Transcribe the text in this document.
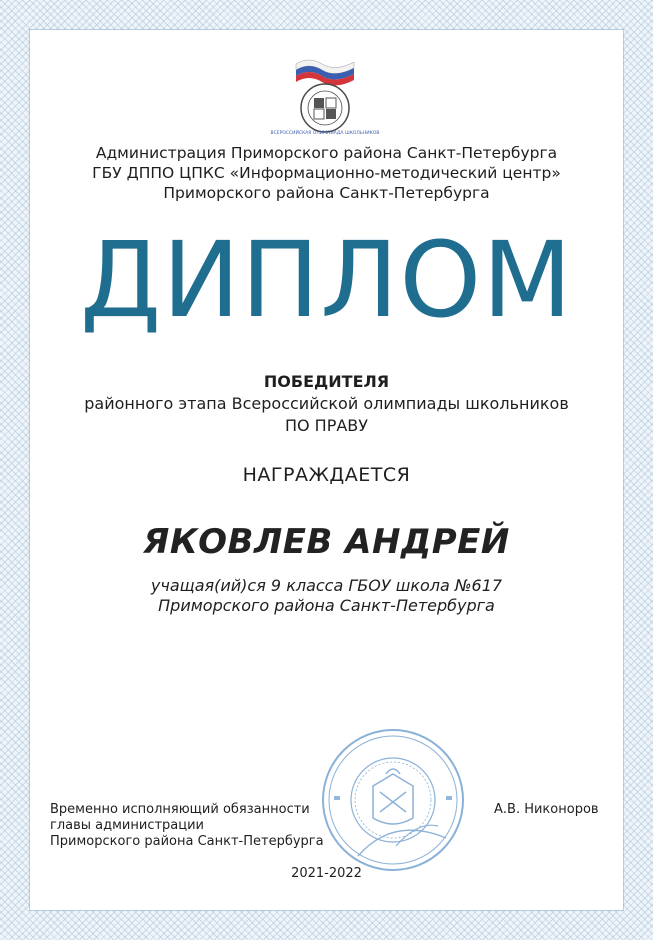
ВСЕРОССИЙСКАЯ ОЛИМПИАДА ШКОЛЬНИКОВ
Администрация Приморского района Санкт-Петербурга
ГБУ ДППО ЦПКС «Информационно-методический центр»
Приморского района Санкт-Петербурга
ДИПЛОМ
ПОБЕДИТЕЛЯ
районного этапа Всероссийской олимпиады школьников
ПО ПРАВУ
НАГРАЖДАЕТСЯ
ЯКОВЛЕВ АНДРЕЙ
учащая(ий)ся 9 класса ГБОУ школа №617
Приморского района Санкт-Петербурга
Временно исполняющий обязанности
главы администрации
Приморского района Санкт-Петербурга
А.В. Никоноров
2021-2022
